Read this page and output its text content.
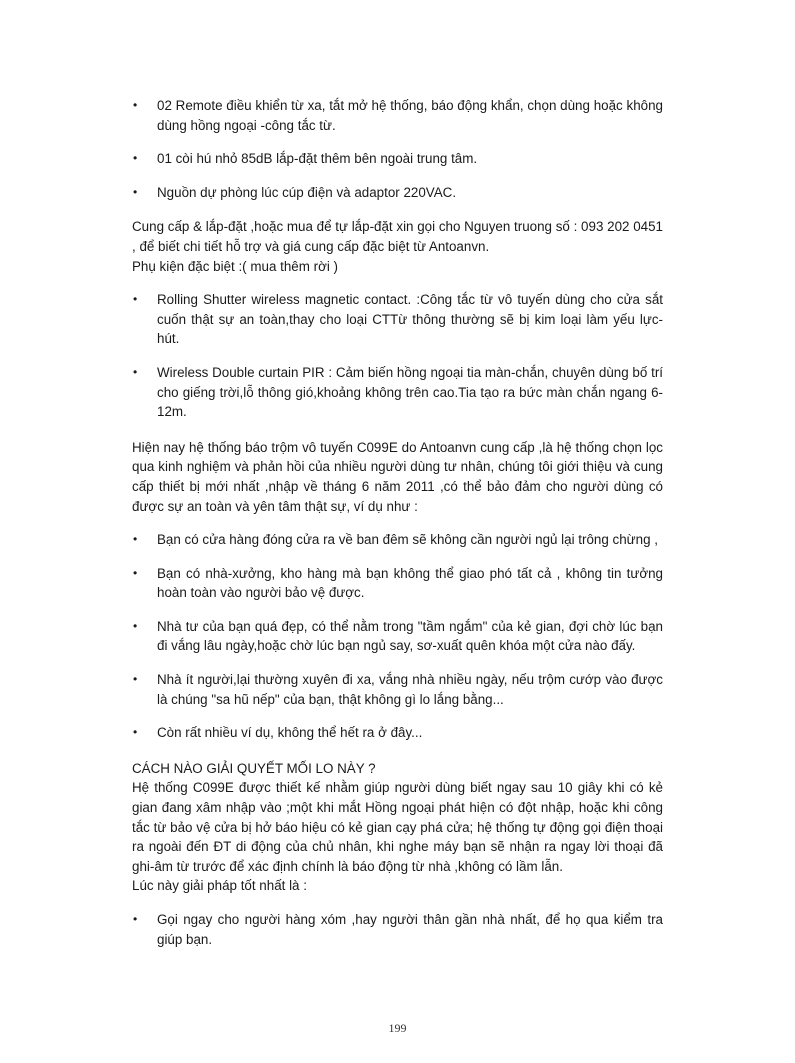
• 02 Remote điều khiển từ xa, tắt mở hệ thống, báo động khẩn, chọn dùng hoặc không dùng hồng ngoại -công tắc từ.
• 01 còi hú nhỏ 85dB lắp-đặt thêm bên ngoài trung tâm.
• Nguồn dự phòng lúc cúp điện và adaptor 220VAC.

Cung cấp & lắp-đặt ,hoặc mua để tự lắp-đặt xin gọi cho Nguyen truong số : 093 202 0451 , để biết chi tiết hỗ trợ và giá cung cấp đặc biệt từ Antoanvn.
Phụ kiện đặc biệt :( mua thêm rời )

• Rolling Shutter wireless magnetic contact. :Công tắc từ vô tuyến dùng cho cửa sắt cuốn thật sự an toàn,thay cho loại CTTừ thông thường sẽ bị kim loại làm yếu lực-hút.
• Wireless Double curtain PIR : Cảm biến hồng ngoại tia màn-chắn, chuyên dùng bố trí cho giếng trời,lỗ thông gió,khoảng không trên cao.Tia tạo ra bức màn chắn ngang 6-12m.

Hiện nay hệ thống báo trộm vô tuyến C099E do Antoanvn cung cấp ,là hệ thống chọn lọc qua kinh nghiệm và phản hồi của nhiều người dùng tư nhân, chúng tôi giới thiệu và cung cấp thiết bị mới nhất ,nhập về tháng 6 năm 2011 ,có thể bảo đảm cho người dùng có được sự an toàn và yên tâm thật sự, ví dụ như :

• Bạn có cửa hàng đóng cửa ra về ban đêm sẽ không cần người ngủ lại trông chừng ,
• Bạn có nhà-xưởng, kho hàng mà bạn không thể giao phó tất cả , không tin tưởng hoàn toàn vào người bảo vệ được.
• Nhà tư của bạn quá đẹp, có thể nằm trong "tầm ngắm" của kẻ gian, đợi chờ lúc bạn đi vắng lâu ngày,hoặc chờ lúc bạn ngủ say, sơ-xuất quên khóa một cửa nào đấy.
• Nhà ít người,lại thường xuyên đi xa, vắng nhà nhiều ngày, nếu trộm cướp vào được là chúng "sa hũ nếp" của bạn, thật không gì lo lắng bằng...
• Còn rất nhiều ví dụ, không thể hết ra ở đây...

CÁCH NÀO GIẢI QUYẾT MỐI LO NÀY ?
Hệ thống C099E được thiết kế nhằm giúp người dùng biết ngay sau 10 giây khi có kẻ gian đang xâm nhập vào ;một khi mắt Hồng ngoại phát hiện có đột nhập, hoặc khi công tắc từ bảo vệ cửa bị hở báo hiệu có kẻ gian cạy phá cửa; hệ thống tự động gọi điện thoại ra ngoài đến ĐT di động của chủ nhân, khi nghe máy bạn sẽ nhận ra ngay lời thoại đã ghi-âm từ trước để xác định chính là báo động từ nhà ,không có lầm lẫn.
Lúc này giải pháp tốt nhất là :

• Gọi ngay cho người hàng xóm ,hay người thân gần nhà nhất, để họ qua kiểm tra giúp bạn.
199
